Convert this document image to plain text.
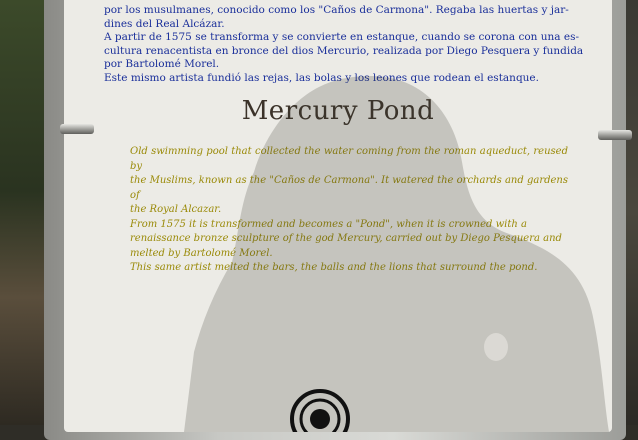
por los musulmanes, conocido como los "Caños de Carmona". Regaba las huertas y jar-

dines del Real Alcázar.

A partir de 1575 se transforma y se convierte en estanque, cuando se corona con una es-

cultura renacentista en bronce del dios Mercurio, realizada por Diego Pesquera y fundida

por Bartolomé Morel.

Este mismo artista fundió las rejas, las bolas y los leones que rodean el estanque.

Mercury Pond

Old swimming pool that collected the water coming from the roman aqueduct, reused by

the Muslims, known as the "Caños de Carmona". It watered the orchards and gardens of

the Royal Alcazar.

From 1575 it is transformed and becomes a "Pond", when it is crowned with a

renaissance bronze sculpture of the god Mercury, carried out by Diego Pesquera and

melted by Bartolomé Morel.

This same artist melted the bars, the balls and the lions that surround the pond.
